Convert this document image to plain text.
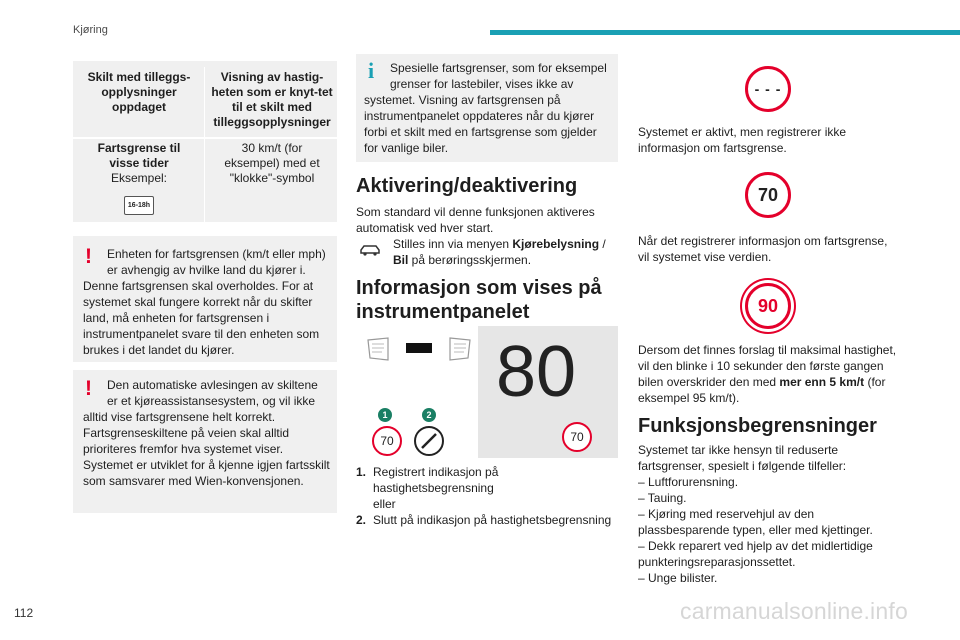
Kjøring
Skilt med tilleggs-opplysninger oppdaget
Visning av hastig-heten som er knyt-tet til et skilt med tilleggsopplysninger
Fartsgrense til visse tider
Eksempel:
16-18h
30 km/t (for eksempel) med et "klokke"-symbol
! Enheten for fartsgrensen (km/t eller mph) er avhengig av hvilke land du kjører i.
Denne fartsgrensen skal overholdes. For at systemet skal fungere korrekt når du skifter land, må enheten for fartsgrensen i instrumentpanelet svare til den enheten som brukes i det landet du kjører.
! Den automatiske avlesingen av skiltene er et kjøreassistansesystem, og vil ikke
alltid vise fartsgrensene helt korrekt. Fartsgrenseskiltene på veien skal alltid prioriteres fremfor hva systemet viser. Systemet er utviklet for å kjenne igjen fartsskilt som samsvarer med Wien-konvensjonen.
i Spesielle fartsgrenser, som for eksempel grenser for lastebiler, vises ikke av
systemet. Visning av fartsgrensen på instrumentpanelet oppdateres når du kjører forbi et skilt med en fartsgrense som gjelder for vanlige biler.
Aktivering/deaktivering
Som standard vil denne funksjonen aktiveres automatisk ved hver start.
Stilles inn via menyen Kjørebelysning / Bil på berøringsskjermen.
Informasjon som vises på instrumentpanelet
80
70
1	2
70
1. Registrert indikasjon på hastighetsbegrensning eller
2. Slutt på indikasjon på hastighetsbegrensning
- - -
Systemet er aktivt, men registrerer ikke informasjon om fartsgrense.
70
Når det registrerer informasjon om fartsgrense, vil systemet vise verdien.
90
Dersom det finnes forslag til maksimal hastighet, vil den blinke i 10 sekunder den første gangen bilen overskrider den med mer enn 5 km/t (for eksempel 95 km/t).
Funksjonsbegrensninger
Systemet tar ikke hensyn til reduserte fartsgrenser, spesielt i følgende tilfeller:
– Luftforurensning.
– Tauing.
– Kjøring med reservehjul av den plassbesparende typen, eller med kjettinger.
– Dekk reparert ved hjelp av det midlertidige punkteringsreparasjonssettet.
– Unge bilister.
112	carmanualsonline.info
